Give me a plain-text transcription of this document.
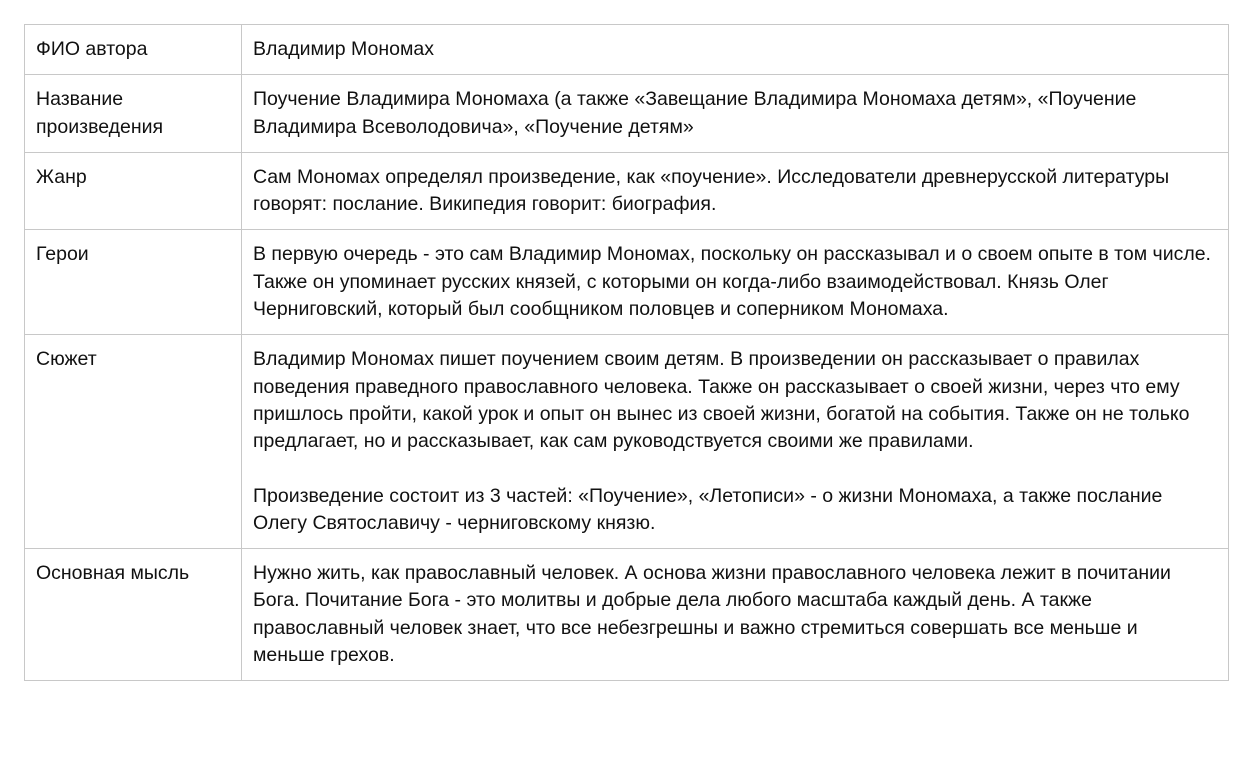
ФИО автора	Владимир Мономах

Название произведения	Поучение Владимира Мономаха (а также «Завещание Владимира Мономаха детям», «Поучение Владимира Всеволодовича», «Поучение детям»

Жанр	Сам Мономах определял произведение, как «поучение». Исследователи древнерусской литературы говорят: послание. Википедия говорит: биография.

Герои	В первую очередь - это сам Владимир Мономах, поскольку он рассказывал и о своем опыте в том числе. Также он упоминает русских князей, с которыми он когда-либо взаимодействовал. Князь Олег Черниговский, который был сообщником половцев и соперником Мономаха.

Сюжет	Владимир Мономах пишет поучением своим детям. В произведении он рассказывает о правилах поведения праведного православного человека. Также он рассказывает о своей жизни, через что ему пришлось пройти, какой урок и опыт он вынес из своей жизни, богатой на события. Также он не только предлагает, но и рассказывает, как сам руководствуется своими же правилами.
Произведение состоит из 3 частей: «Поучение», «Летописи» - о жизни Мономаха, а также послание Олегу Святославичу - черниговскому князю.

Основная мысль	Нужно жить, как православный человек. А основа жизни православного человека лежит в почитании Бога. Почитание Бога - это молитвы и добрые дела любого масштаба каждый день. А также православный человек знает, что все небезгрешны и важно стремиться совершать все меньше и меньше грехов.
